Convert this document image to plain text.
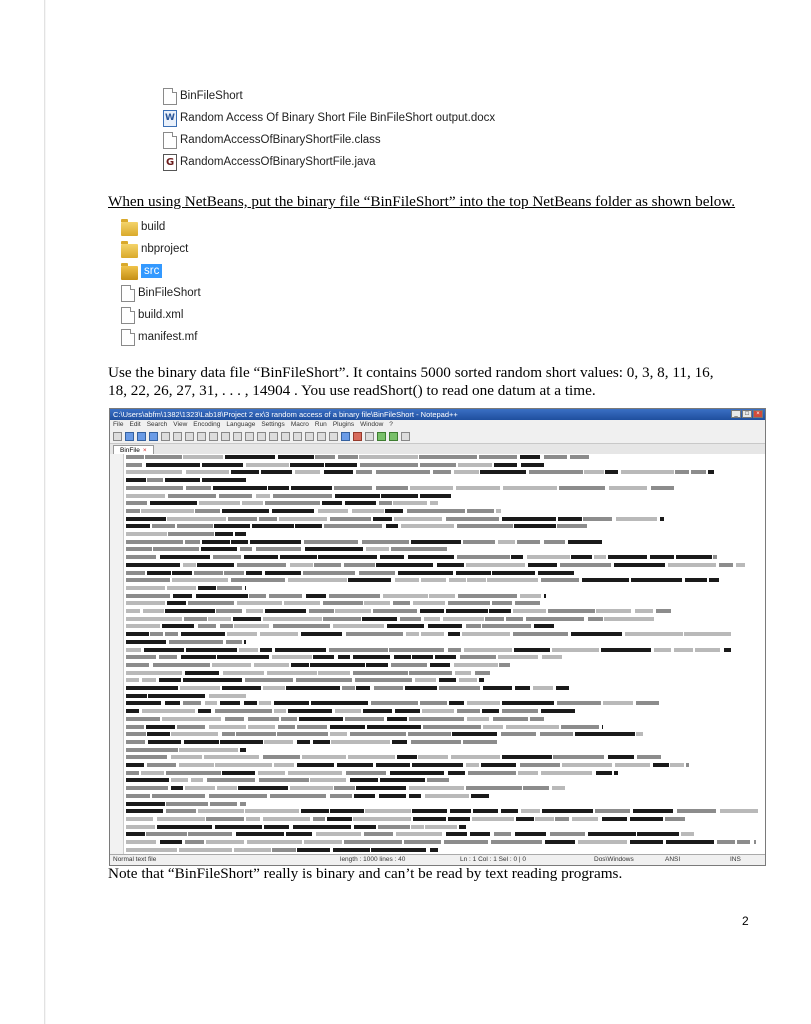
BinFileShort
W
Random Access Of Binary Short File BinFileShort output.docx
RandomAccessOfBinaryShortFile.class
G
RandomAccessOfBinaryShortFile.java
When using NetBeans, put the binary file “BinFileShort” into the top NetBeans folder as shown below.
build
nbproject
src
BinFileShort
build.xml
manifest.mf
Use the binary data file “BinFileShort”. It contains 5000 sorted random short values: 0, 3, 8, 11, 16,
18, 22, 26, 27, 31, . . . , 14904 . You use readShort() to read one datum at a time.
C:\Users\abfm\1382\1323\Lab18\Project 2 ex\3 random access of a binary file\BinFileShort - Notepad++	_	□	×
File Edit Search View Encoding Language Settings Macro Run Plugins Window ?
BinFile ×
Normal text file	length : 1000 lines : 40	Ln : 1 Col : 1 Sel : 0 | 0	Dos\Windows	ANSI	INS
Note that “BinFileShort” really is binary and can’t be read by text reading programs.
2
